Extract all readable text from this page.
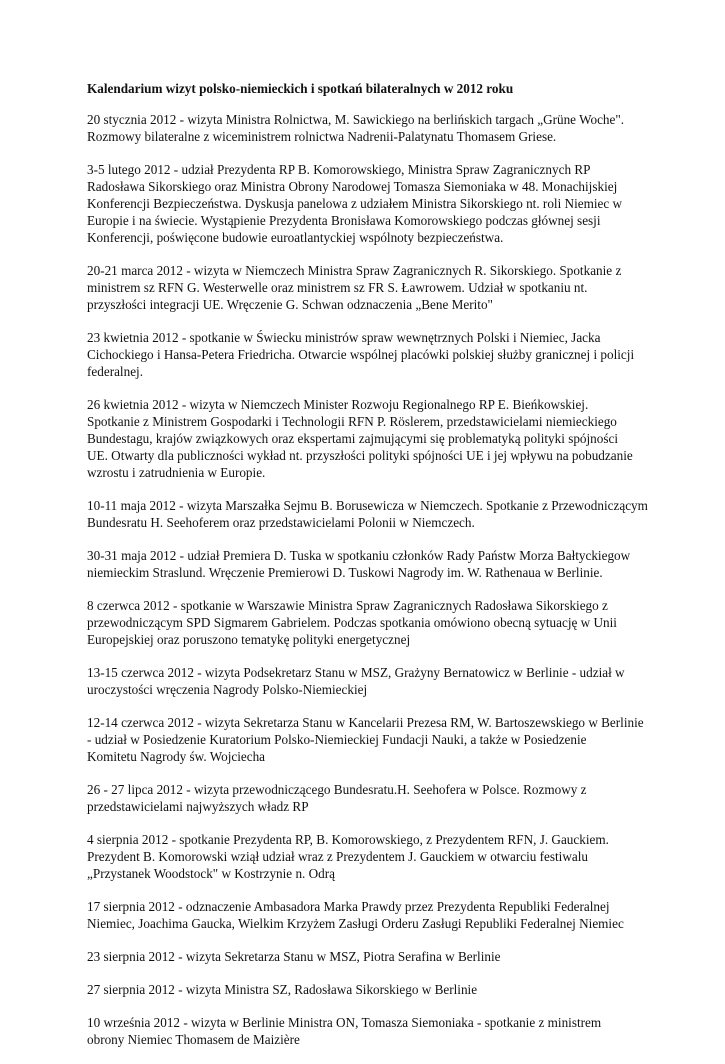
Kalendarium wizyt polsko-niemieckich i spotkań bilateralnych w 2012 roku
20 stycznia 2012 - wizyta Ministra Rolnictwa, M. Sawickiego na berlińskich targach „Grüne Woche".
Rozmowy bilateralne z wiceministrem rolnictwa Nadrenii-Palatynatu Thomasem Griese.
3-5 lutego 2012 - udział Prezydenta RP B. Komorowskiego, Ministra Spraw Zagranicznych RP
Radosława Sikorskiego oraz Ministra Obrony Narodowej Tomasza Siemoniaka w 48. Monachijskiej
Konferencji Bezpieczeństwa. Dyskusja panelowa z udziałem Ministra Sikorskiego nt. roli Niemiec w
Europie i na świecie. Wystąpienie Prezydenta Bronisława Komorowskiego podczas głównej sesji
Konferencji, poświęcone budowie euroatlantyckiej wspólnoty bezpieczeństwa.
20-21 marca 2012 - wizyta w Niemczech Ministra Spraw Zagranicznych R. Sikorskiego. Spotkanie z
ministrem sz RFN G. Westerwelle oraz ministrem sz FR S. Ławrowem. Udział w spotkaniu nt.
przyszłości integracji UE. Wręczenie G. Schwan odznaczenia „Bene Merito"
23 kwietnia 2012 - spotkanie w Świecku ministrów spraw wewnętrznych Polski i Niemiec, Jacka
Cichockiego i Hansa-Petera Friedricha. Otwarcie wspólnej placówki polskiej służby granicznej i policji
federalnej.
26 kwietnia 2012 - wizyta w Niemczech Minister Rozwoju Regionalnego RP E. Bieńkowskiej.
Spotkanie z Ministrem Gospodarki i Technologii RFN P. Röslerem, przedstawicielami niemieckiego
Bundestagu, krajów związkowych oraz ekspertami zajmującymi się problematyką polityki spójności
UE. Otwarty dla publiczności wykład nt. przyszłości polityki spójności UE i jej wpływu na pobudzanie
wzrostu i zatrudnienia w Europie.
10-11 maja 2012 - wizyta Marszałka Sejmu B. Borusewicza w Niemczech. Spotkanie z Przewodniczącym
Bundesratu H. Seehoferem oraz przedstawicielami Polonii w Niemczech.
30-31 maja 2012 - udział Premiera D. Tuska w spotkaniu członków Rady Państw Morza Bałtyckiegow
niemieckim Straslund. Wręczenie Premierowi D. Tuskowi Nagrody im. W. Rathenaua w Berlinie.
8 czerwca 2012 - spotkanie w Warszawie Ministra Spraw Zagranicznych Radosława Sikorskiego z
przewodniczącym SPD Sigmarem Gabrielem. Podczas spotkania omówiono obecną sytuację w Unii
Europejskiej oraz poruszono tematykę polityki energetycznej
13-15 czerwca 2012 - wizyta Podsekretarz Stanu w MSZ, Grażyny Bernatowicz w Berlinie - udział w
uroczystości wręczenia Nagrody Polsko-Niemieckiej
12-14 czerwca 2012 - wizyta Sekretarza Stanu w Kancelarii Prezesa RM, W. Bartoszewskiego w Berlinie
- udział w Posiedzenie Kuratorium Polsko-Niemieckiej Fundacji Nauki, a także w Posiedzenie
Komitetu Nagrody św. Wojciecha
26 - 27 lipca 2012 - wizyta przewodniczącego Bundesratu.H. Seehofera w Polsce. Rozmowy z
przedstawicielami najwyższych władz RP
4 sierpnia 2012 - spotkanie Prezydenta RP, B. Komorowskiego, z Prezydentem RFN, J. Gauckiem.
Prezydent B. Komorowski wziął udział wraz z Prezydentem J. Gauckiem w otwarciu festiwalu
„Przystanek Woodstock" w Kostrzynie n. Odrą
17 sierpnia 2012 - odznaczenie Ambasadora Marka Prawdy przez Prezydenta Republiki Federalnej
Niemiec, Joachima Gaucka, Wielkim Krzyżem Zasługi Orderu Zasługi Republiki Federalnej Niemiec
23 sierpnia 2012 - wizyta Sekretarza Stanu w MSZ, Piotra Serafina w Berlinie
27 sierpnia 2012 - wizyta Ministra SZ, Radosława Sikorskiego w Berlinie
10 września 2012 - wizyta w Berlinie Ministra ON, Tomasza Siemoniaka - spotkanie z ministrem
obrony Niemiec Thomasem de Maizière
